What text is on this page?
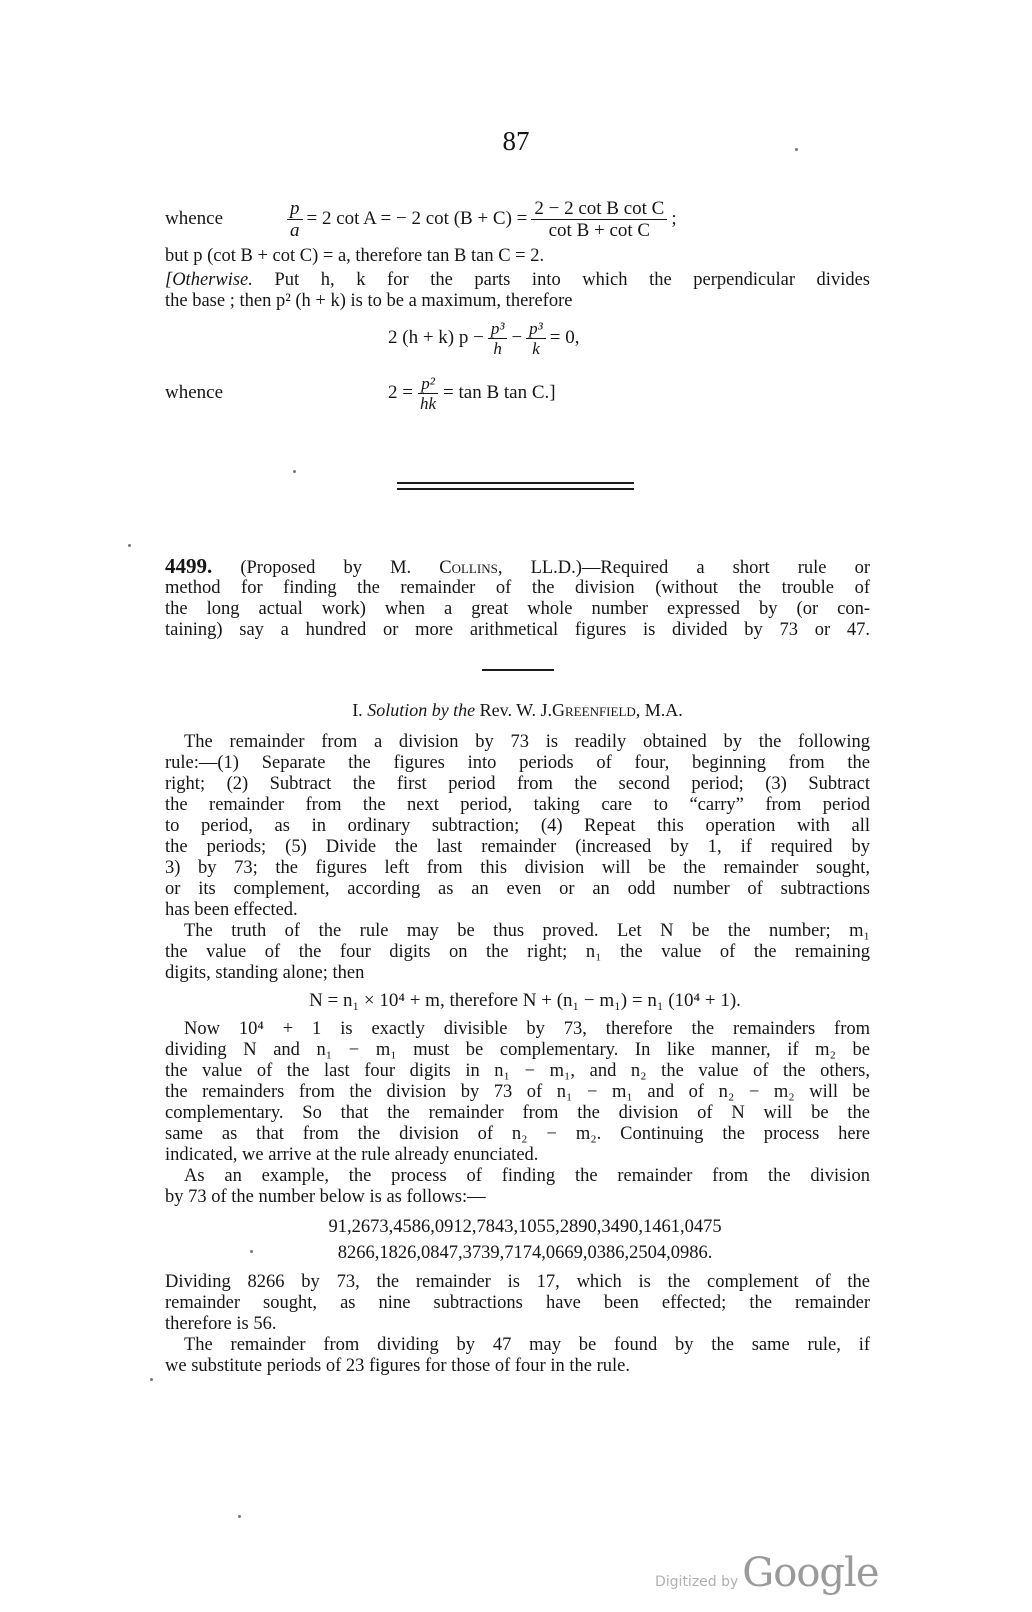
87
whence	$\frac{p}{a} = 2$ cot A = − 2 $\cot (B + C) = \frac{\text{2 − 2 cot B cot C}}{\text{cot B + cot C}}$ ;
but p (cot B + cot C) = a, therefore tan B tan C = 2.
[Otherwise. Put h, k for the parts into which the perpendicular divides
the base ; then p² (h + k) is to be a maximum, therefore
2 (h + k) $p - \frac{\text{p³}}{h} - \frac{\text{p³}}{k} = 0$,
whence	$2 = \frac{\text{p²}}{hk} = \tan B$ tan C.]
4499. (Proposed by M. Collins, LL.D.)—Required a short rule or
method for finding the remainder of the division (without the trouble of
the long actual work) when a great whole number expressed by (or con-
taining) say a hundred or more arithmetical figures is divided by 73 or 47.
I. Solution by the Rev. W. J.Greenfield, M.A.
The remainder from a division by 73 is readily obtained by the following
rule:—(1) Separate the figures into periods of four, beginning from the
right; (2) Subtract the first period from the second period; (3) Subtract
the remainder from the next period, taking care to “carry” from period
to period, as in ordinary subtraction; (4) Repeat this operation with all
the periods; (5) Divide the last remainder (increased by 1, if required by
3) by 73; the figures left from this division will be the remainder sought,
or its complement, according as an even or an odd number of subtractions
has been effected.
The truth of the rule may be thus proved. Let N be the number; m₁
the value of the four digits on the right; n₁ the value of the remaining
digits, standing alone; then
N = n₁ × 10⁴ + m, therefore N + (n₁ − m₁) = n₁ (10⁴ + 1).
Now 10⁴ + 1 is exactly divisible by 73, therefore the remainders from
dividing N and n₁ − m₁ must be complementary. In like manner, if m₂ be
the value of the last four digits in n₁ − m₁, and n₂ the value of the others,
the remainders from the division by 73 of n₁ − m₁ and of n₂ − m₂ will be
complementary. So that the remainder from the division of N will be the
same as that from the division of n₂ − m₂. Continuing the process here
indicated, we arrive at the rule already enunciated.
As an example, the process of finding the remainder from the division
by 73 of the number below is as follows:—
91,2673,4586,0912,7843,1055,2890,3490,1461,0475
8266,1826,0847,3739,7174,0669,0386,2504,0986.
Dividing 8266 by 73, the remainder is 17, which is the complement of the
remainder sought, as nine subtractions have been effected; the remainder
therefore is 56.
The remainder from dividing by 47 may be found by the same rule, if
we substitute periods of 23 figures for those of four in the rule.
Digitized by Google
